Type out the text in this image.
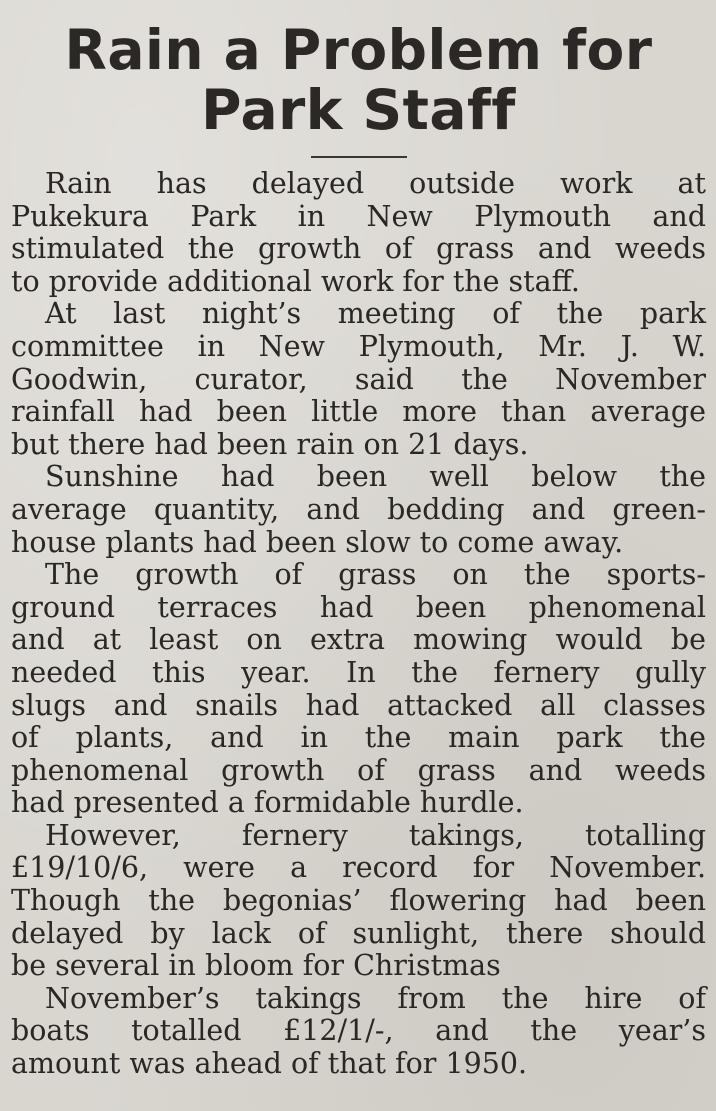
Rain a Problem for
Park Staff

Rain has delayed outside work at
Pukekura Park in New Plymouth and
stimulated the growth of grass and weeds
to provide additional work for the staff.

At last night’s meeting of the park
committee in New Plymouth, Mr. J. W.
Goodwin, curator, said the November
rainfall had been little more than average
but there had been rain on 21 days.

Sunshine had been well below the
average quantity, and bedding and green-
house plants had been slow to come away.

The growth of grass on the sports-
ground terraces had been phenomenal
and at least on extra mowing would be
needed this year. In the fernery gully
slugs and snails had attacked all classes
of plants, and in the main park the
phenomenal growth of grass and weeds
had presented a formidable hurdle.

However, fernery takings, totalling
£19/10/6, were a record for November.
Though the begonias’ flowering had been
delayed by lack of sunlight, there should
be several in bloom for Christmas

November’s takings from the hire of
boats totalled £12/1/-, and the year’s
amount was ahead of that for 1950.
